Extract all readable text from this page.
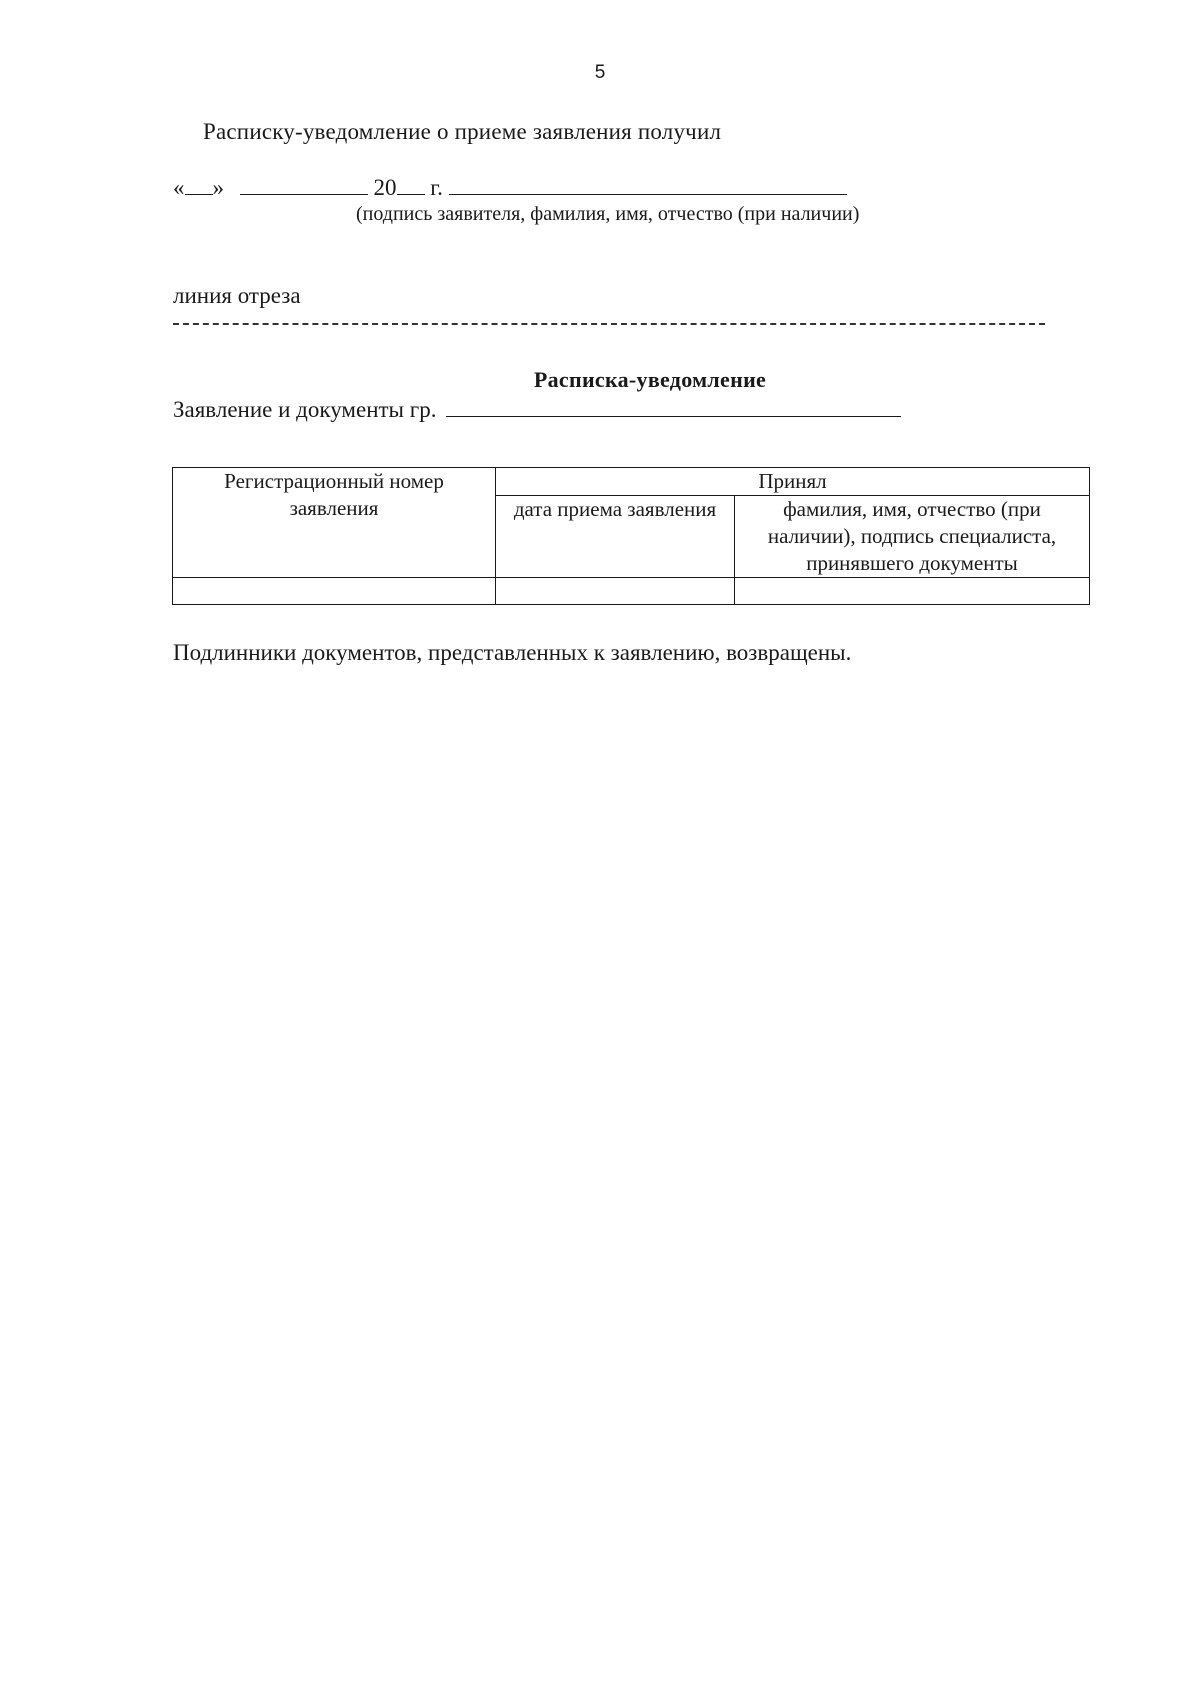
5
Расписку-уведомление о приеме заявления получил
« »	20 г.
(подпись заявителя, фамилия, имя, отчество (при наличии)
линия отреза
Расписка-уведомление
Заявление и документы гр.
Регистрационный номер заявления	Принял	
	дата приема заявления	фамилия, имя, отчество (при наличии), подпись специалиста, принявшего документы

Подлинники документов, представленных к заявлению, возвращены.
